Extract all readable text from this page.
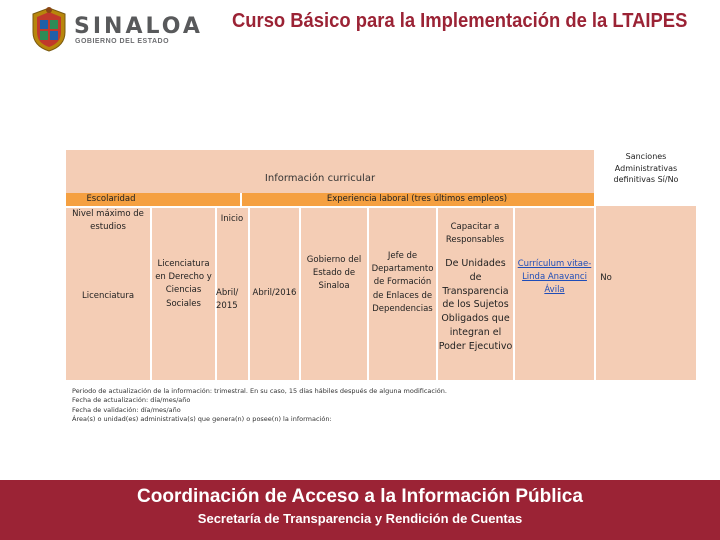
SINALOA
GOBIERNO DEL ESTADO
Curso Básico para la Implementación de la LTAIPES
Sanciones Administrativas definitivas Sí/No
Información curricular
Escolaridad	Experiencia laboral (tres últimos empleos)
Nivel máximo de estudios
Inicio
Capacitar a Responsables
Licenciatura
Licenciatura en Derecho y Ciencias Sociales
Abril/ 2015
Abril/2016
Gobierno del Estado de Sinaloa
Jefe de Departamento de Formación de Enlaces de Dependencias
De Unidades de Transparencia de los Sujetos Obligados que integran el Poder Ejecutivo
Currículum vitae- Linda Anavanci Ávila
No
Periodo de actualización de la información: trimestral. En su caso, 15 días hábiles después de alguna modificación.
Fecha de actualización: día/mes/año
Fecha de validación: día/mes/año
Área(s) o unidad(es) administrativa(s) que genera(n) o posee(n) la información:
Coordinación de Acceso a la Información Pública
Secretaría de Transparencia y Rendición de Cuentas
